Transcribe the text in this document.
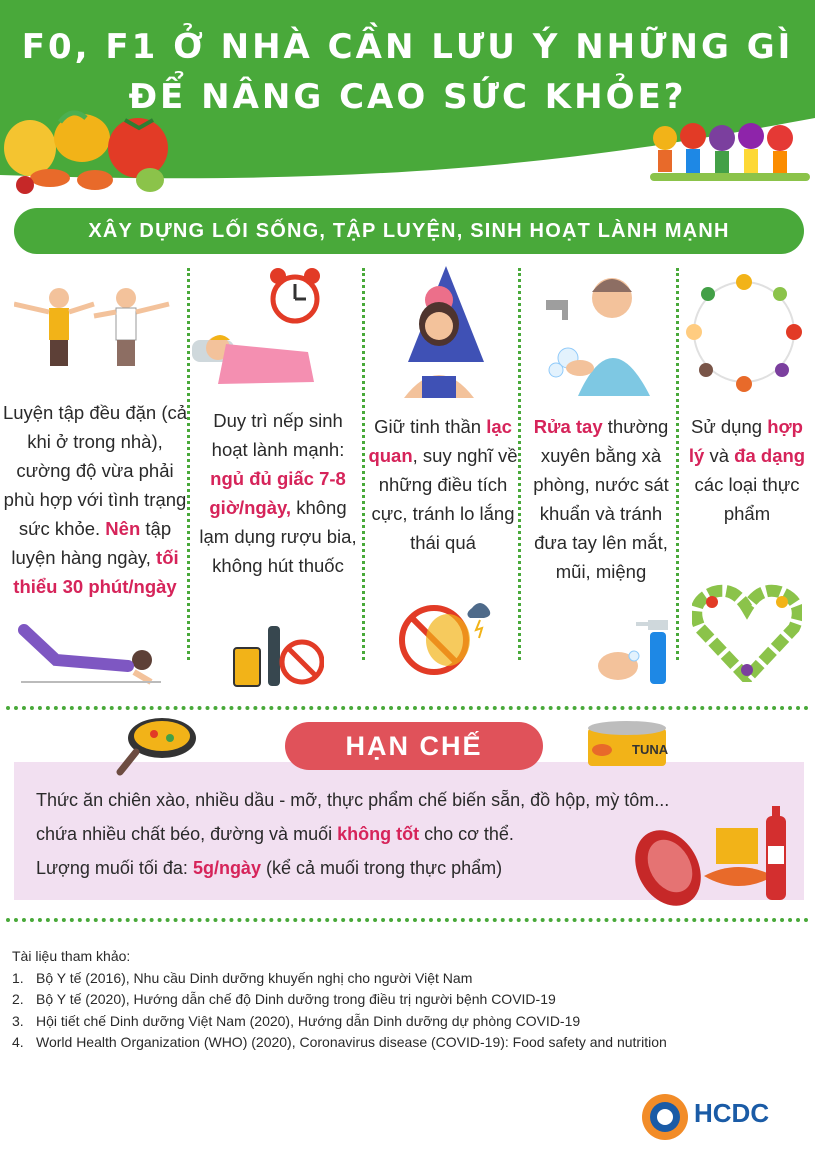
F0, F1 Ở NHÀ CẦN LƯU Ý NHỮNG GÌ
ĐỂ NÂNG CAO SỨC KHỎE?
XÂY DỰNG LỐI SỐNG, TẬP LUYỆN, SINH HOẠT LÀNH MẠNH
Luyện tập đều đặn (cả khi ở trong nhà), cường độ vừa phải phù hợp với tình trạng sức khỏe. Nên tập luyện hàng ngày, tối thiểu 30 phút/ngày
Duy trì nếp sinh hoạt lành mạnh: ngủ đủ giấc 7-8 giờ/ngày, không lạm dụng rượu bia, không hút thuốc
Giữ tinh thần lạc quan, suy nghĩ về những điều tích cực, tránh lo lắng thái quá
Rửa tay thường xuyên bằng xà phòng, nước sát khuẩn và tránh đưa tay lên mắt, mũi, miệng
Sử dụng hợp lý và đa dạng các loại thực phẩm
Thức ăn chiên xào, nhiều dầu - mỡ, thực phẩm chế biến sẵn, đồ hộp, mỳ tôm...
chứa nhiều chất béo, đường và muối không tốt cho cơ thể.
Lượng muối tối đa: 5g/ngày (kể cả muối trong thực phẩm)
HẠN CHẾ	TUNA
Tài liệu tham khảo:
1. Bộ Y tế (2016), Nhu cầu Dinh dưỡng khuyến nghị cho người Việt Nam
2. Bộ Y tế (2020), Hướng dẫn chế độ Dinh dưỡng trong điều trị người bệnh COVID-19
3. Hội tiết chế Dinh dưỡng Việt Nam (2020), Hướng dẫn Dinh dưỡng dự phòng COVID-19
4. World Health Organization (WHO) (2020), Coronavirus disease (COVID-19): Food safety and nutrition
HCDC
